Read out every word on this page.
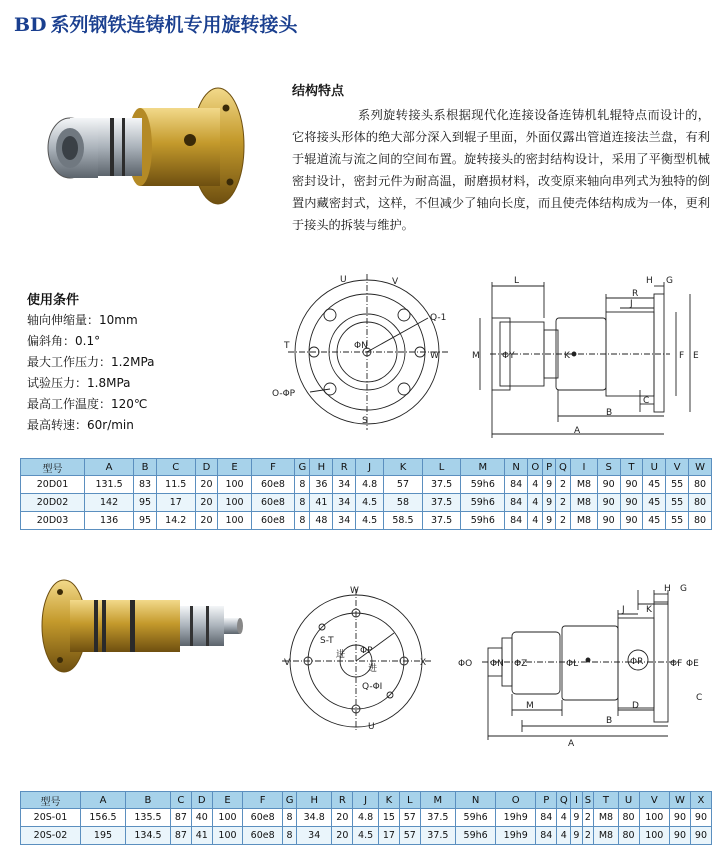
BD 系列钢铁连铸机专用旋转接头
结构特点
系列旋转接头系根据现代化连接设备连铸机轧辊特点而设计的，它将接头形体的绝大部分深入到辊子里面，外面仅露出管道连接法兰盘，有利于辊道流与流之间的空间布置。旋转接头的密封结构设计，采用了平衡型机械密封设计，密封元件为耐高温，耐磨损材料，改变原来轴向串列式为独特的倒置内藏密封式，这样，不但减少了轴向长度，而且使壳体结构成为一体，更利于接头的拆装与维护。
使用条件
轴向伸缩量：10mm
偏斜角：0.1°
最大工作压力：1.2MPa
试验压力：1.8MPa
最高工作温度：120℃
最高转速：60r/min
U	V
T
W
S
Q-1
ΦN
O-ΦP
L	H G
R
J
M ΦY	K	F E
C
B
A
型号	A	B	C	D	E	F	G	H	R	J	K	L	M	N	O	P	Q	I	S	T	U	V	W
20D01	131.5	83	11.5	20	100	60e8	8	36	34	4.8	57	37.5	59h6	84	4	9	2	M8	90	90	45	55	80
20D02	142	95	17	20	100	60e8	8	41	34	4.5	58	37.5	59h6	84	4	9	2	M8	90	90	45	55	80
20D03	136	95	14.2	20	100	60e8	8	48	34	4.5	58.5	37.5	59h6	84	4	9	2	M8	90	90	45	55	80
W
V	X
U
S-T
ΦP
Q-ΦI
进
进
H G
J K
ΦO ΦN ΦZ	ΦL	ΦR	ΦF ΦE
M	D
B
C
A
型号	A	B	C	D	E	F	G	H	R	J	K	L	M	N	O	P	Q	I	S	T	U	V	W	X
20S-01	156.5	135.5	87	40	100	60e8	8	34.8	20	4.8	15	57	37.5	59h6	19h9	84	4	9	2	M8	80	100	90	90
20S-02	195	134.5	87	41	100	60e8	8	34	20	4.5	17	57	37.5	59h6	19h9	84	4	9	2	M8	80	100	90	90
